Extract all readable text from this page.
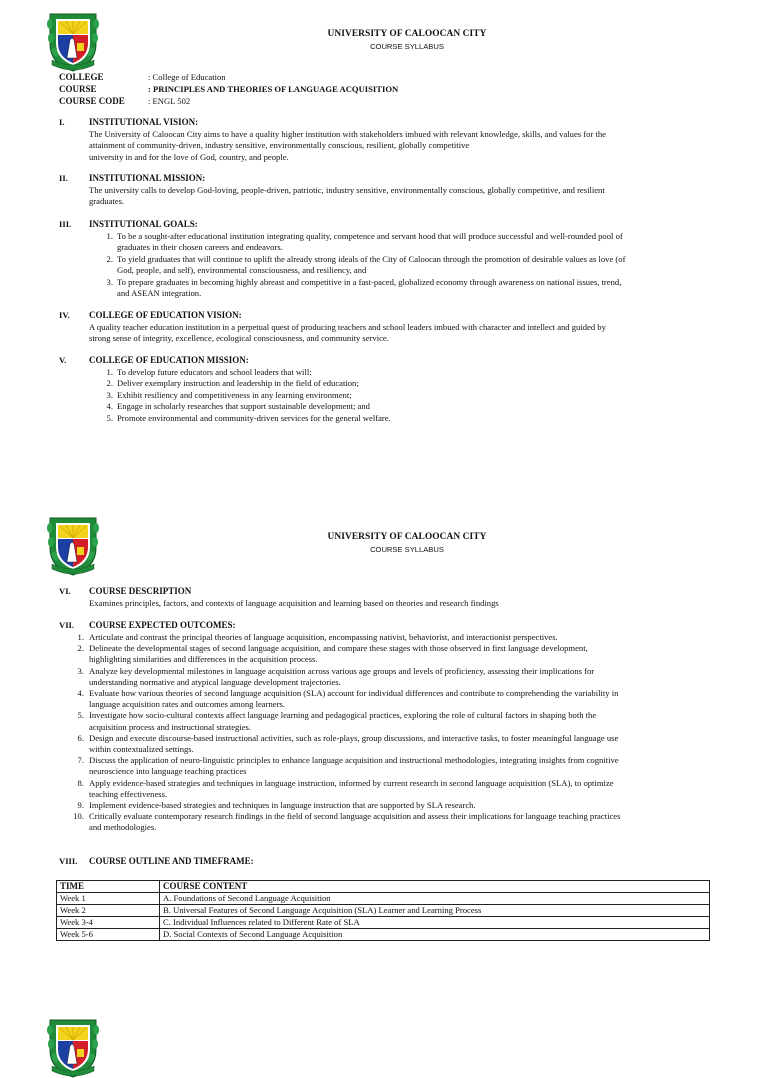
UNIVERSITY OF CALOOCAN CITY
COURSE SYLLABUS
COLLEGE	: College of Education
COURSE	: PRINCIPLES AND THEORIES OF LANGUAGE ACQUISITION
COURSE CODE	: ENGL 502
I.	INSTITUTIONAL VISION:
The University of Caloocan City aims to have a quality higher institution with stakeholders imbued with relevant knowledge, skills, and values for the
attainment of community-driven, industry sensitive, environmentally conscious, resilient, globally competitive
university in and for the love of God, country, and people.
II. INSTITUTIONAL MISSION:
The university calls to develop God-loving, people-driven, patriotic, industry sensitive, environmentally conscious, globally competitive, and resilient
graduates.
III. INSTITUTIONAL GOALS:
1. To be a sought-after educational institution integrating quality, competence and servant hood that will produce successful and well-rounded pool of
graduates in their chosen careers and endeavors.
2. To yield graduates that will continue to uplift the already strong ideals of the City of Caloocan through the promotion of desirable values as love (of
God, people, and self), environmental consciousness, and resiliency, and
3. To prepare graduates in becoming highly abreast and competitive in a fast-paced, globalized economy through awareness on national issues, trend,
and ASEAN integration.
IV. COLLEGE OF EDUCATION VISION:
A quality teacher education institution in a perpetual quest of producing teachers and school leaders imbued with character and intellect and guided by
strong sense of integrity, excellence, ecological consciousness, and community service.
V.	COLLEGE OF EDUCATION MISSION:
1. To develop future educators and school leaders that will:
2. Deliver exemplary instruction and leadership in the field of education;
3. Exhibit resiliency and competitiveness in any learning environment;
4. Engage in scholarly researches that support sustainable development; and
5. Promote environmental and community-driven services for the general welfare.
UNIVERSITY OF CALOOCAN CITY
COURSE SYLLABUS
VI. COURSE DESCRIPTION
Examines principles, factors, and contexts of language acquisition and learning based on theories and research findings
VII. COURSE EXPECTED OUTCOMES:
1. Articulate and contrast the principal theories of language acquisition, encompassing nativist, behaviorist, and interactionist perspectives.
2. Delineate the developmental stages of second language acquisition, and compare these stages with those observed in first language development,
highlighting similarities and differences in the acquisition process.
3. Analyze key developmental milestones in language acquisition across various age groups and levels of proficiency, assessing their implications for
understanding normative and atypical language development trajectories.
4. Evaluate how various theories of second language acquisition (SLA) account for individual differences and contribute to comprehending the variability in
language acquisition rates and outcomes among learners.
5. Investigate how socio-cultural contexts affect language learning and pedagogical practices, exploring the role of cultural factors in shaping both the
acquisition process and instructional strategies.
6. Design and execute discourse-based instructional activities, such as role-plays, group discussions, and interactive tasks, to foster meaningful language use
within contextualized settings.
7. Discuss the application of neuro-linguistic principles to enhance language acquisition and instructional methodologies, integrating insights from cognitive
neuroscience into language teaching practices
8. Apply evidence-based strategies and techniques in language instruction, informed by current research in second language acquisition (SLA), to optimize
teaching effectiveness.
9. Implement evidence-based strategies and techniques in language instruction that are supported by SLA research.
10. Critically evaluate contemporary research findings in the field of second language acquisition and assess their implications for language teaching practices
and methodologies.
VIII. COURSE OUTLINE AND TIMEFRAME:
TIME	COURSE CONTENT
Week 1	A. Foundations of Second Language Acquisition
Week 2	B. Universal Features of Second Language Acquisition (SLA) Learner and Learning Process
Week 3-4	C. Individual Influences related to Different Rate of SLA
Week 5-6	D. Social Contexts of Second Language Acquisition
